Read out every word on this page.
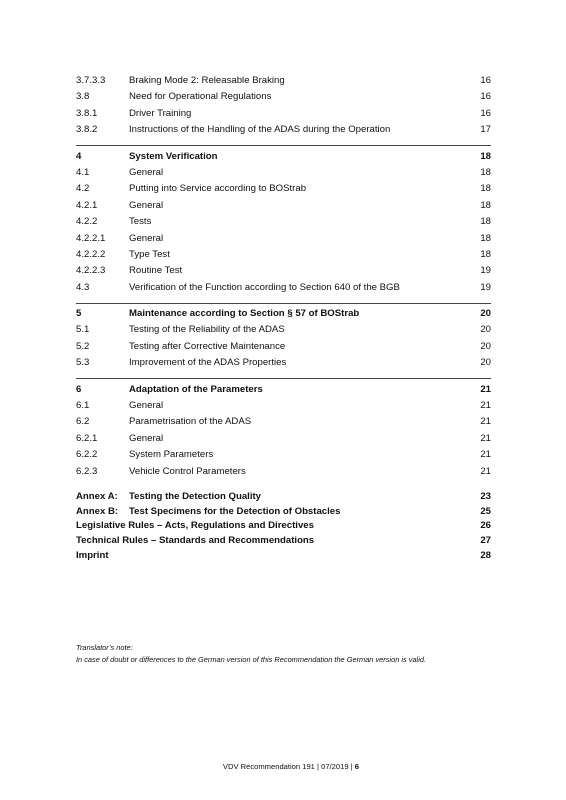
3.7.3.3	Braking Mode 2: Releasable Braking	16
3.8	Need for Operational Regulations	16
3.8.1	Driver Training	16
3.8.2	Instructions of the Handling of the ADAS during the Operation	17
4	System Verification	18
4.1	General	18
4.2	Putting into Service according to BOStrab	18
4.2.1	General	18
4.2.2	Tests	18
4.2.2.1	General	18
4.2.2.2	Type Test	18
4.2.2.3	Routine Test	19
4.3	Verification of the Function according to Section 640 of the BGB	19
5	Maintenance according to Section § 57 of BOStrab	20
5.1	Testing of the Reliability of the ADAS	20
5.2	Testing after Corrective Maintenance	20
5.3	Improvement of the ADAS Properties	20
6	Adaptation of the Parameters	21
6.1	General	21
6.2	Parametrisation of the ADAS	21
6.2.1	General	21
6.2.2	System Parameters	21
6.2.3	Vehicle Control Parameters	21
Annex A:	Testing the Detection Quality	23
Annex B:	Test Specimens for the Detection of Obstacles	25
Legislative Rules – Acts, Regulations and Directives	26
Technical Rules – Standards and Recommendations	27
Imprint	28
Translator’s note:
In case of doubt or differences to the German version of this Recommendation the German version is valid.
VDV Recommendation 191 | 07/2019 | 6
